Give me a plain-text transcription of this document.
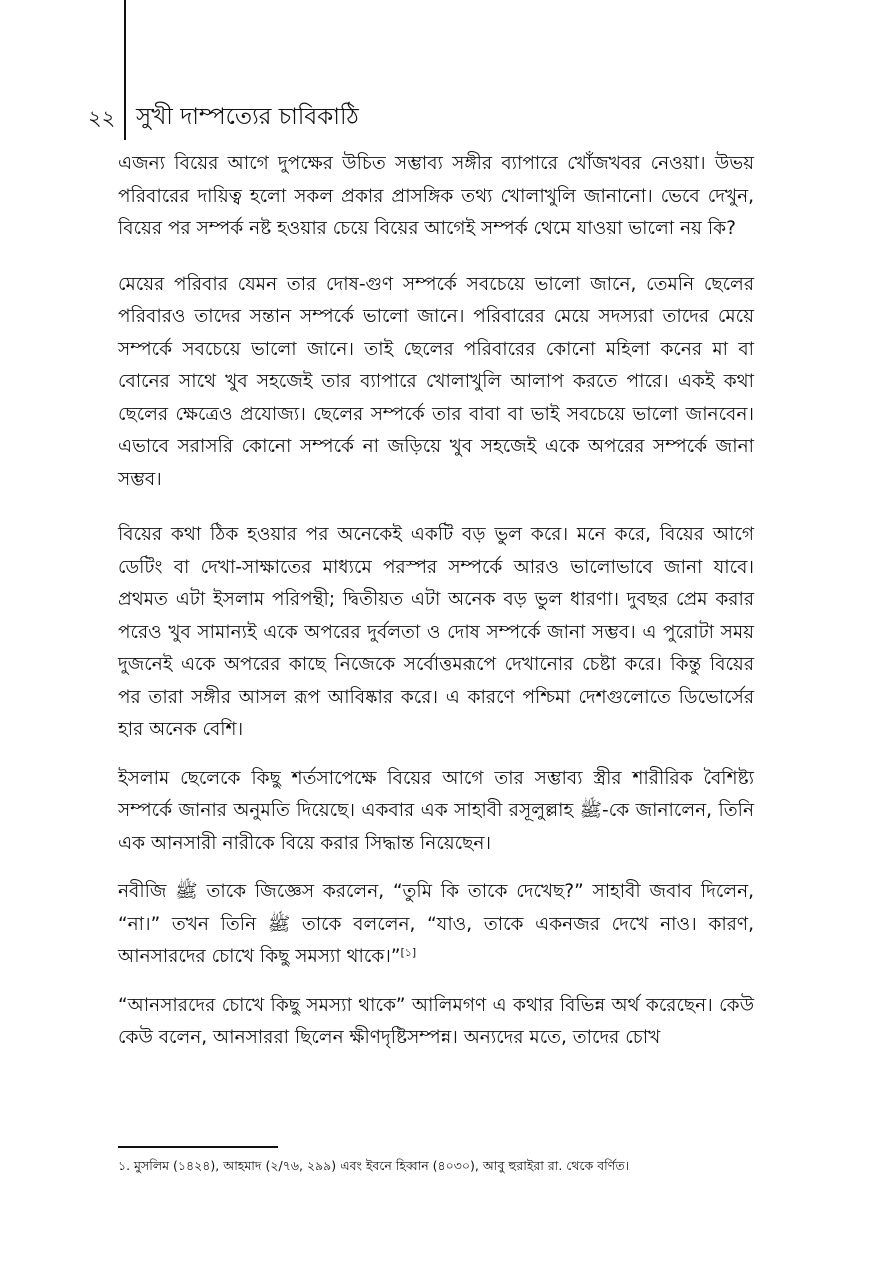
২২ সুখী দাম্পত্যের চাবিকাঠি

এজন্য বিয়ের আগে দুপক্ষের উচিত সম্ভাব্য সঙ্গীর ব্যাপারে খোঁজখবর নেওয়া। উভয় পরিবারের দায়িত্ব হলো সকল প্রকার প্রাসঙ্গিক তথ্য খোলাখুলি জানানো। ভেবে দেখুন, বিয়ের পর সম্পর্ক নষ্ট হওয়ার চেয়ে বিয়ের আগেই সম্পর্ক থেমে যাওয়া ভালো নয় কি?

মেয়ের পরিবার যেমন তার দোষ-গুণ সম্পর্কে সবচেয়ে ভালো জানে, তেমনি ছেলের পরিবারও তাদের সন্তান সম্পর্কে ভালো জানে। পরিবারের মেয়ে সদস্যরা তাদের মেয়ে সম্পর্কে সবচেয়ে ভালো জানে। তাই ছেলের পরিবারের কোনো মহিলা কনের মা বা বোনের সাথে খুব সহজেই তার ব্যাপারে খোলাখুলি আলাপ করতে পারে। একই কথা ছেলের ক্ষেত্রেও প্রযোজ্য। ছেলের সম্পর্কে তার বাবা বা ভাই সবচেয়ে ভালো জানবেন। এভাবে সরাসরি কোনো সম্পর্কে না জড়িয়ে খুব সহজেই একে অপরের সম্পর্কে জানা সম্ভব।

বিয়ের কথা ঠিক হওয়ার পর অনেকেই একটি বড় ভুল করে। মনে করে, বিয়ের আগে ডেটিং বা দেখা-সাক্ষাতের মাধ্যমে পরস্পর সম্পর্কে আরও ভালোভাবে জানা যাবে। প্রথমত এটা ইসলাম পরিপন্থী; দ্বিতীয়ত এটা অনেক বড় ভুল ধারণা। দুবছর প্রেম করার পরেও খুব সামান্যই একে অপরের দুর্বলতা ও দোষ সম্পর্কে জানা সম্ভব। এ পুরোটা সময় দুজনেই একে অপরের কাছে নিজেকে সর্বোত্তমরূপে দেখানোর চেষ্টা করে। কিন্তু বিয়ের পর তারা সঙ্গীর আসল রূপ আবিষ্কার করে। এ কারণে পশ্চিমা দেশগুলোতে ডিভোর্সের হার অনেক বেশি।

ইসলাম ছেলেকে কিছু শর্তসাপেক্ষে বিয়ের আগে তার সম্ভাব্য স্ত্রীর শারীরিক বৈশিষ্ট্য সম্পর্কে জানার অনুমতি দিয়েছে। একবার এক সাহাবী রসূলুল্লাহ ﷺ-কে জানালেন, তিনি এক আনসারী নারীকে বিয়ে করার সিদ্ধান্ত নিয়েছেন।

নবীজি ﷺ তাকে জিজ্ঞেস করলেন, “তুমি কি তাকে দেখেছ?” সাহাবী জবাব দিলেন, “না।” তখন তিনি ﷺ তাকে বললেন, “যাও, তাকে একনজর দেখে নাও। কারণ, আনসারদের চোখে কিছু সমস্যা থাকে।”[১]

“আনসারদের চোখে কিছু সমস্যা থাকে” আলিমগণ এ কথার বিভিন্ন অর্থ করেছেন। কেউ কেউ বলেন, আনসাররা ছিলেন ক্ষীণদৃষ্টিসম্পন্ন। অন্যদের মতে, তাদের চোখ

১. মুসলিম (১৪২৪), আহমাদ (২/৭৬, ২৯৯) এবং ইবনে হিব্বান (৪০৩০), আবু হুরাইরা রা. থেকে বর্ণিত।
